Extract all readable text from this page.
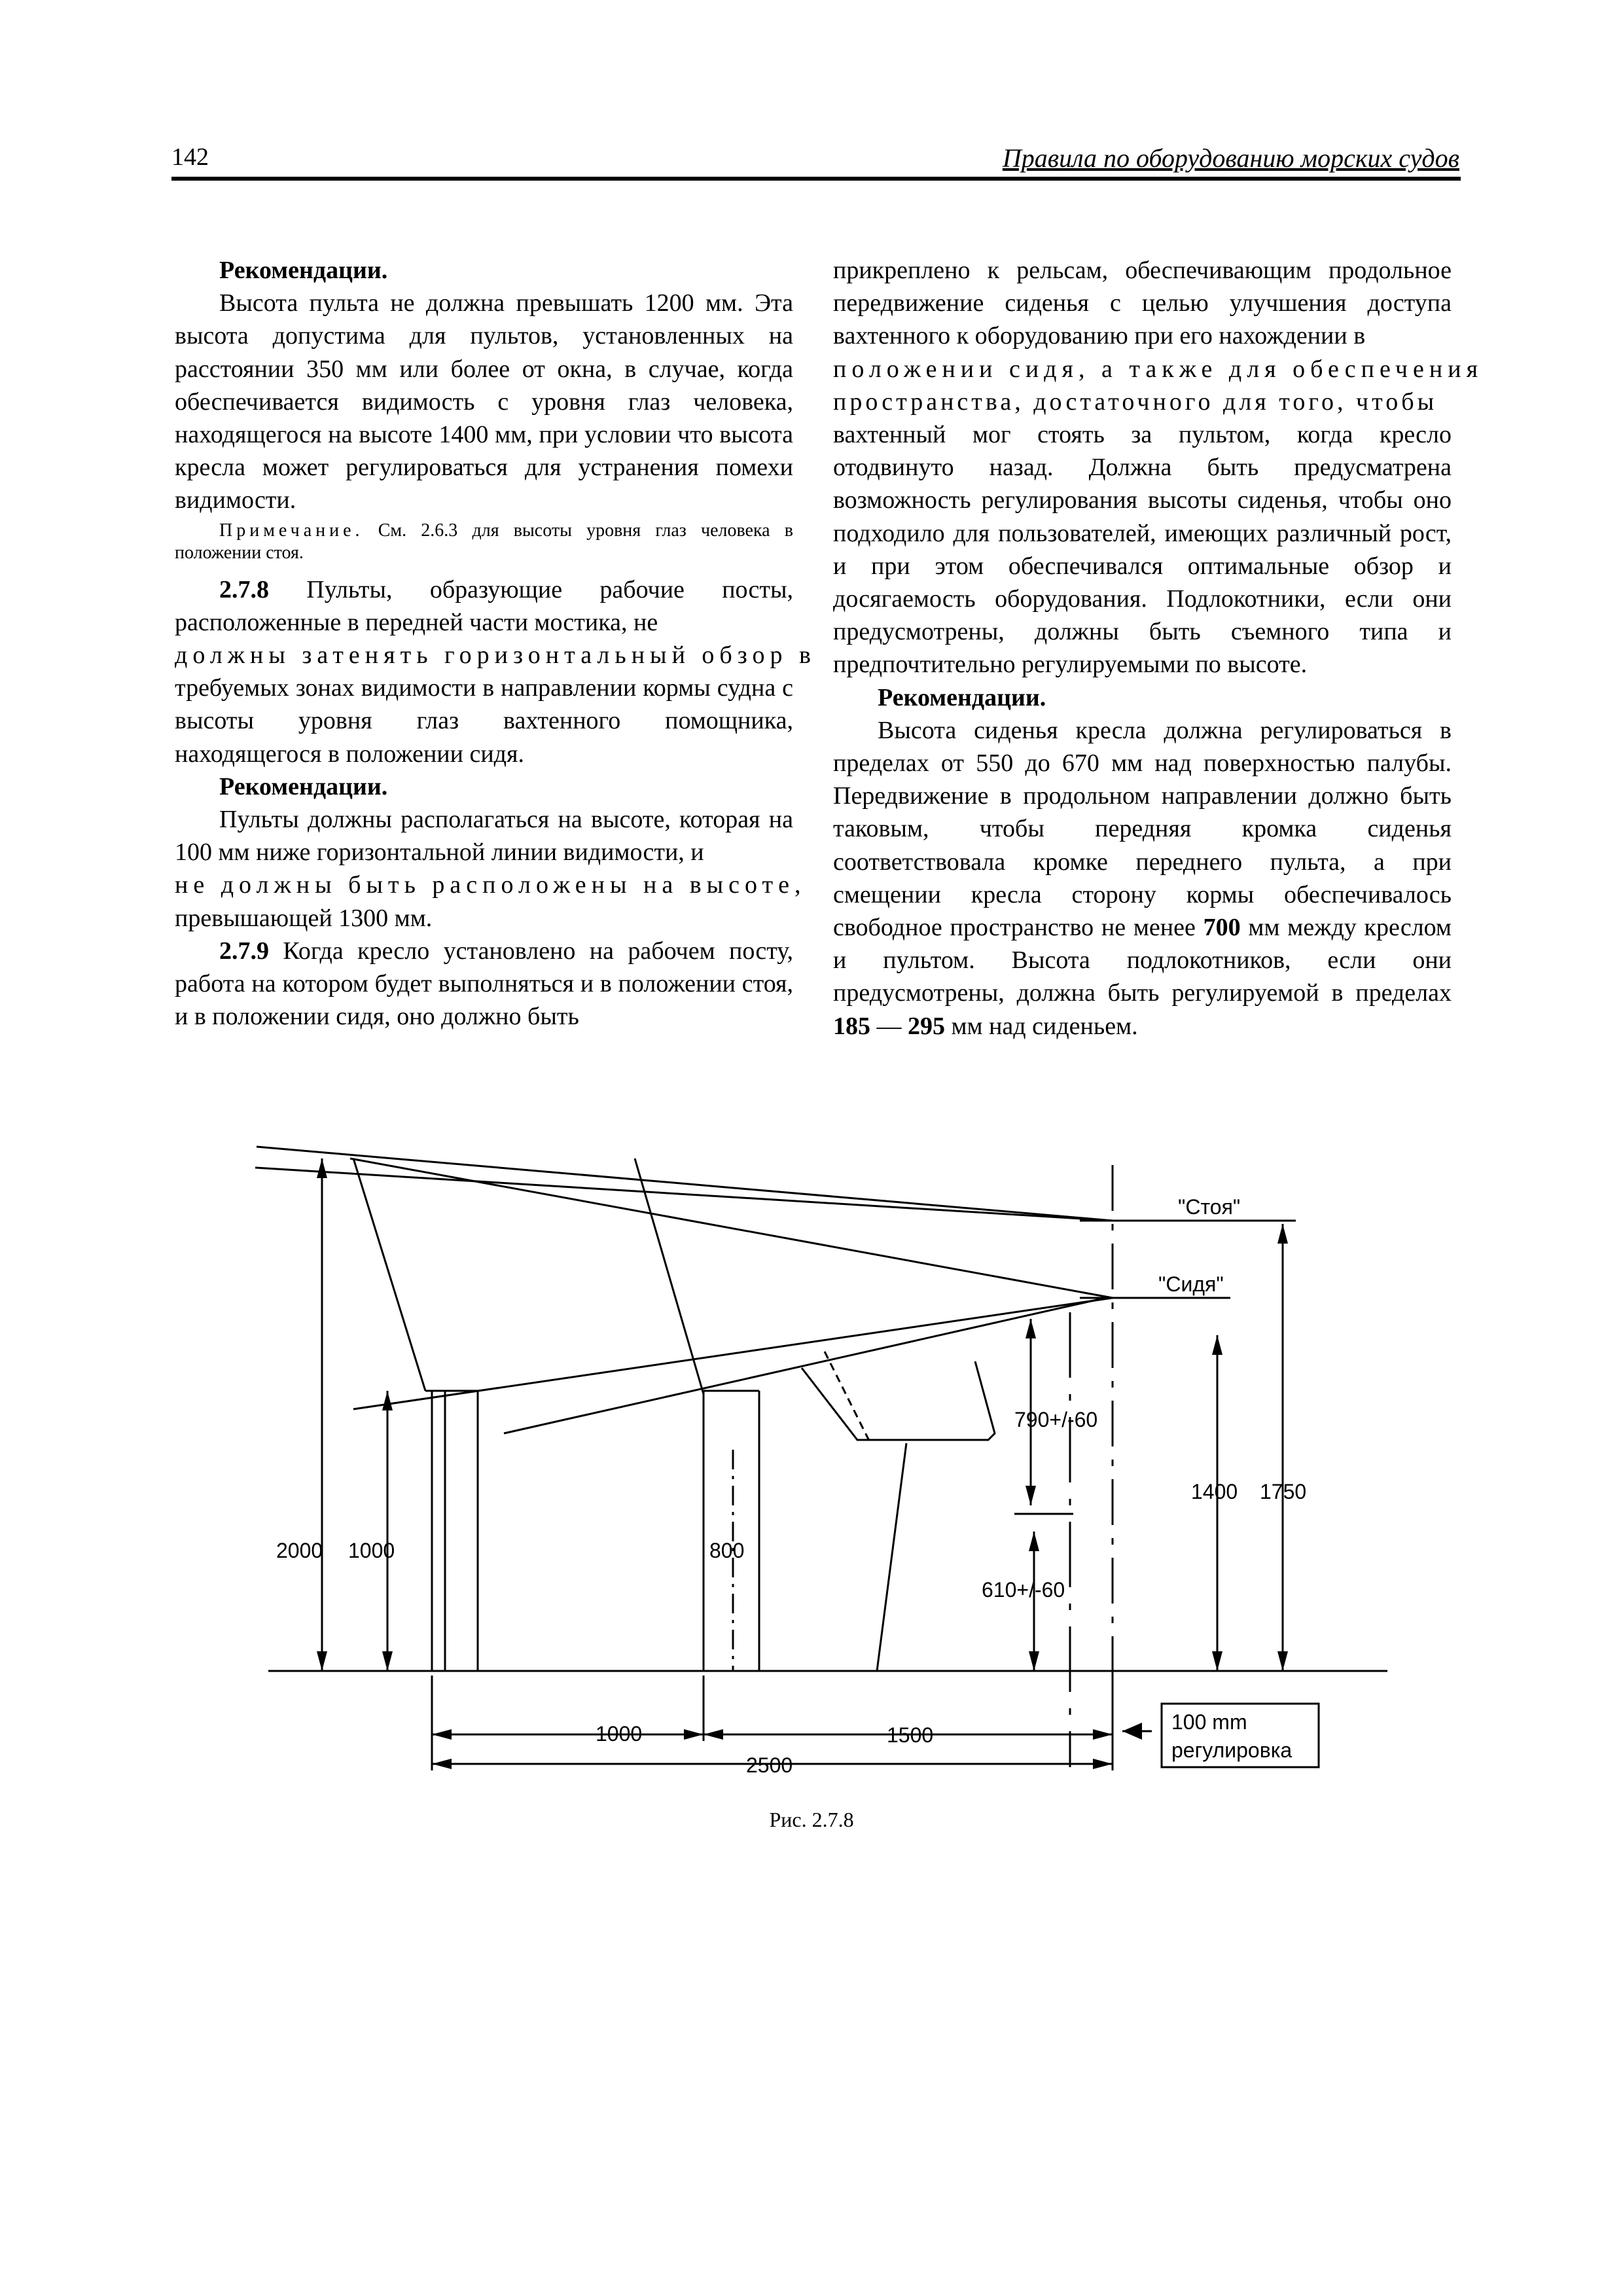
142	Правила по оборудованию морских судов

Рекомендации.

Высота пульта не должна превышать 1200 мм. Эта высота допустима для пультов, установленных на расстоянии 350 мм или более от окна, в случае, когда обеспечивается видимость с уровня глаз человека, находящегося на высоте 1400 мм, при условии что высота кресла может регулироваться для устранения помехи видимости.

Примечание. См. 2.6.3 для высоты уровня глаз человека в положении стоя.

2.7.8 Пульты, образующие рабочие посты, расположенные в передней части мостика, не

должны затенять горизонтальный обзор в

требуемых зонах видимости в направлении кормы судна с высоты уровня глаз вахтенного помощника, находящегося в положении сидя.

Рекомендации.

Пульты должны располагаться на высоте, которая на 100 мм ниже горизонтальной линии видимости, и

не должны быть расположены на высоте,

превышающей 1300 мм.

2.7.9 Когда кресло установлено на рабочем посту, работа на котором будет выполняться и в положении стоя, и в положении сидя, оно должно быть

прикреплено к рельсам, обеспечивающим продольное передвижение сиденья с целью улучшения доступа вахтенного к оборудованию при его нахождении в

положении сидя, а также для обеспечения

пространства, достаточного для того, чтобы

вахтенный мог стоять за пультом, когда кресло отодвинуто назад. Должна быть предусматрена возможность регулирования высоты сиденья, чтобы оно подходило для пользователей, имеющих различный рост, и при этом обеспечивался оптимальные обзор и досягаемость оборудования. Подлокотники, если они предусмотрены, должны быть съемного типа и предпочтительно регулируемыми по высоте.

Рекомендации.

Высота сиденья кресла должна регулироваться в пределах от 550 до 670 мм над поверхностью палубы. Передвижение в продольном направлении должно быть таковым, чтобы передняя кромка сиденья соответствовала кромке переднего пульта, а при смещении кресла сторону кормы обеспечивалось свободное пространство не менее 700 мм между креслом и пультом. Высота подлокотников, если они предусмотрены, должна быть регулируемой в пределах 185 — 295 мм над сиденьем.

"Стоя"
"Сидя"
2000 1000	800
790+/-60
610+/-60
1400 1750
1000	1500
2500
100 mm
регулировка
Рис. 2.7.8
